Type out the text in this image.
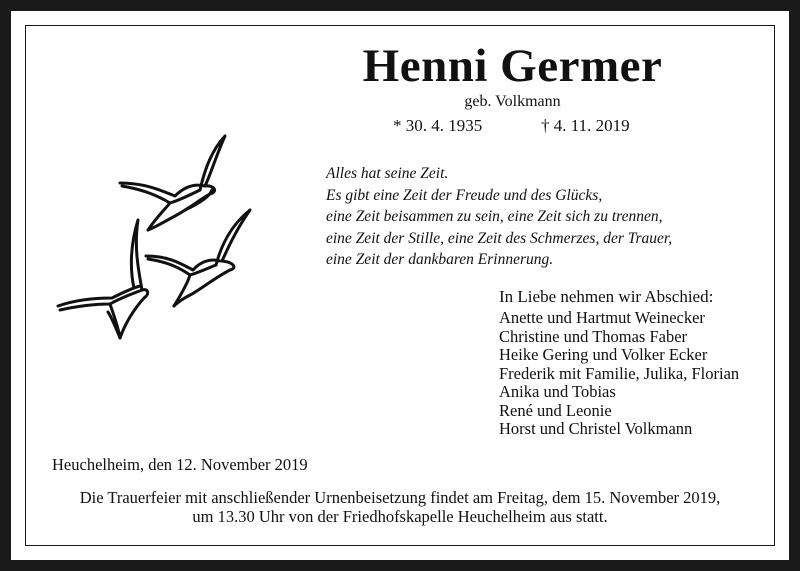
Henni Germer
geb. Volkmann
* 30. 4. 1935	† 4. 11. 2019
Alles hat seine Zeit.
Es gibt eine Zeit der Freude und des Glücks,
eine Zeit beisammen zu sein, eine Zeit sich zu trennen,
eine Zeit der Stille, eine Zeit des Schmerzes, der Trauer,
eine Zeit der dankbaren Erinnerung.
In Liebe nehmen wir Abschied:
Anette und Hartmut Weinecker
Christine und Thomas Faber
Heike Gering und Volker Ecker
Frederik mit Familie, Julika, Florian
Anika und Tobias
René und Leonie
Horst und Christel Volkmann
Heuchelheim, den 12. November 2019
Die Trauerfeier mit anschließender Urnenbeisetzung findet am Freitag, dem 15. November 2019,
um 13.30 Uhr von der Friedhofskapelle Heuchelheim aus statt.
